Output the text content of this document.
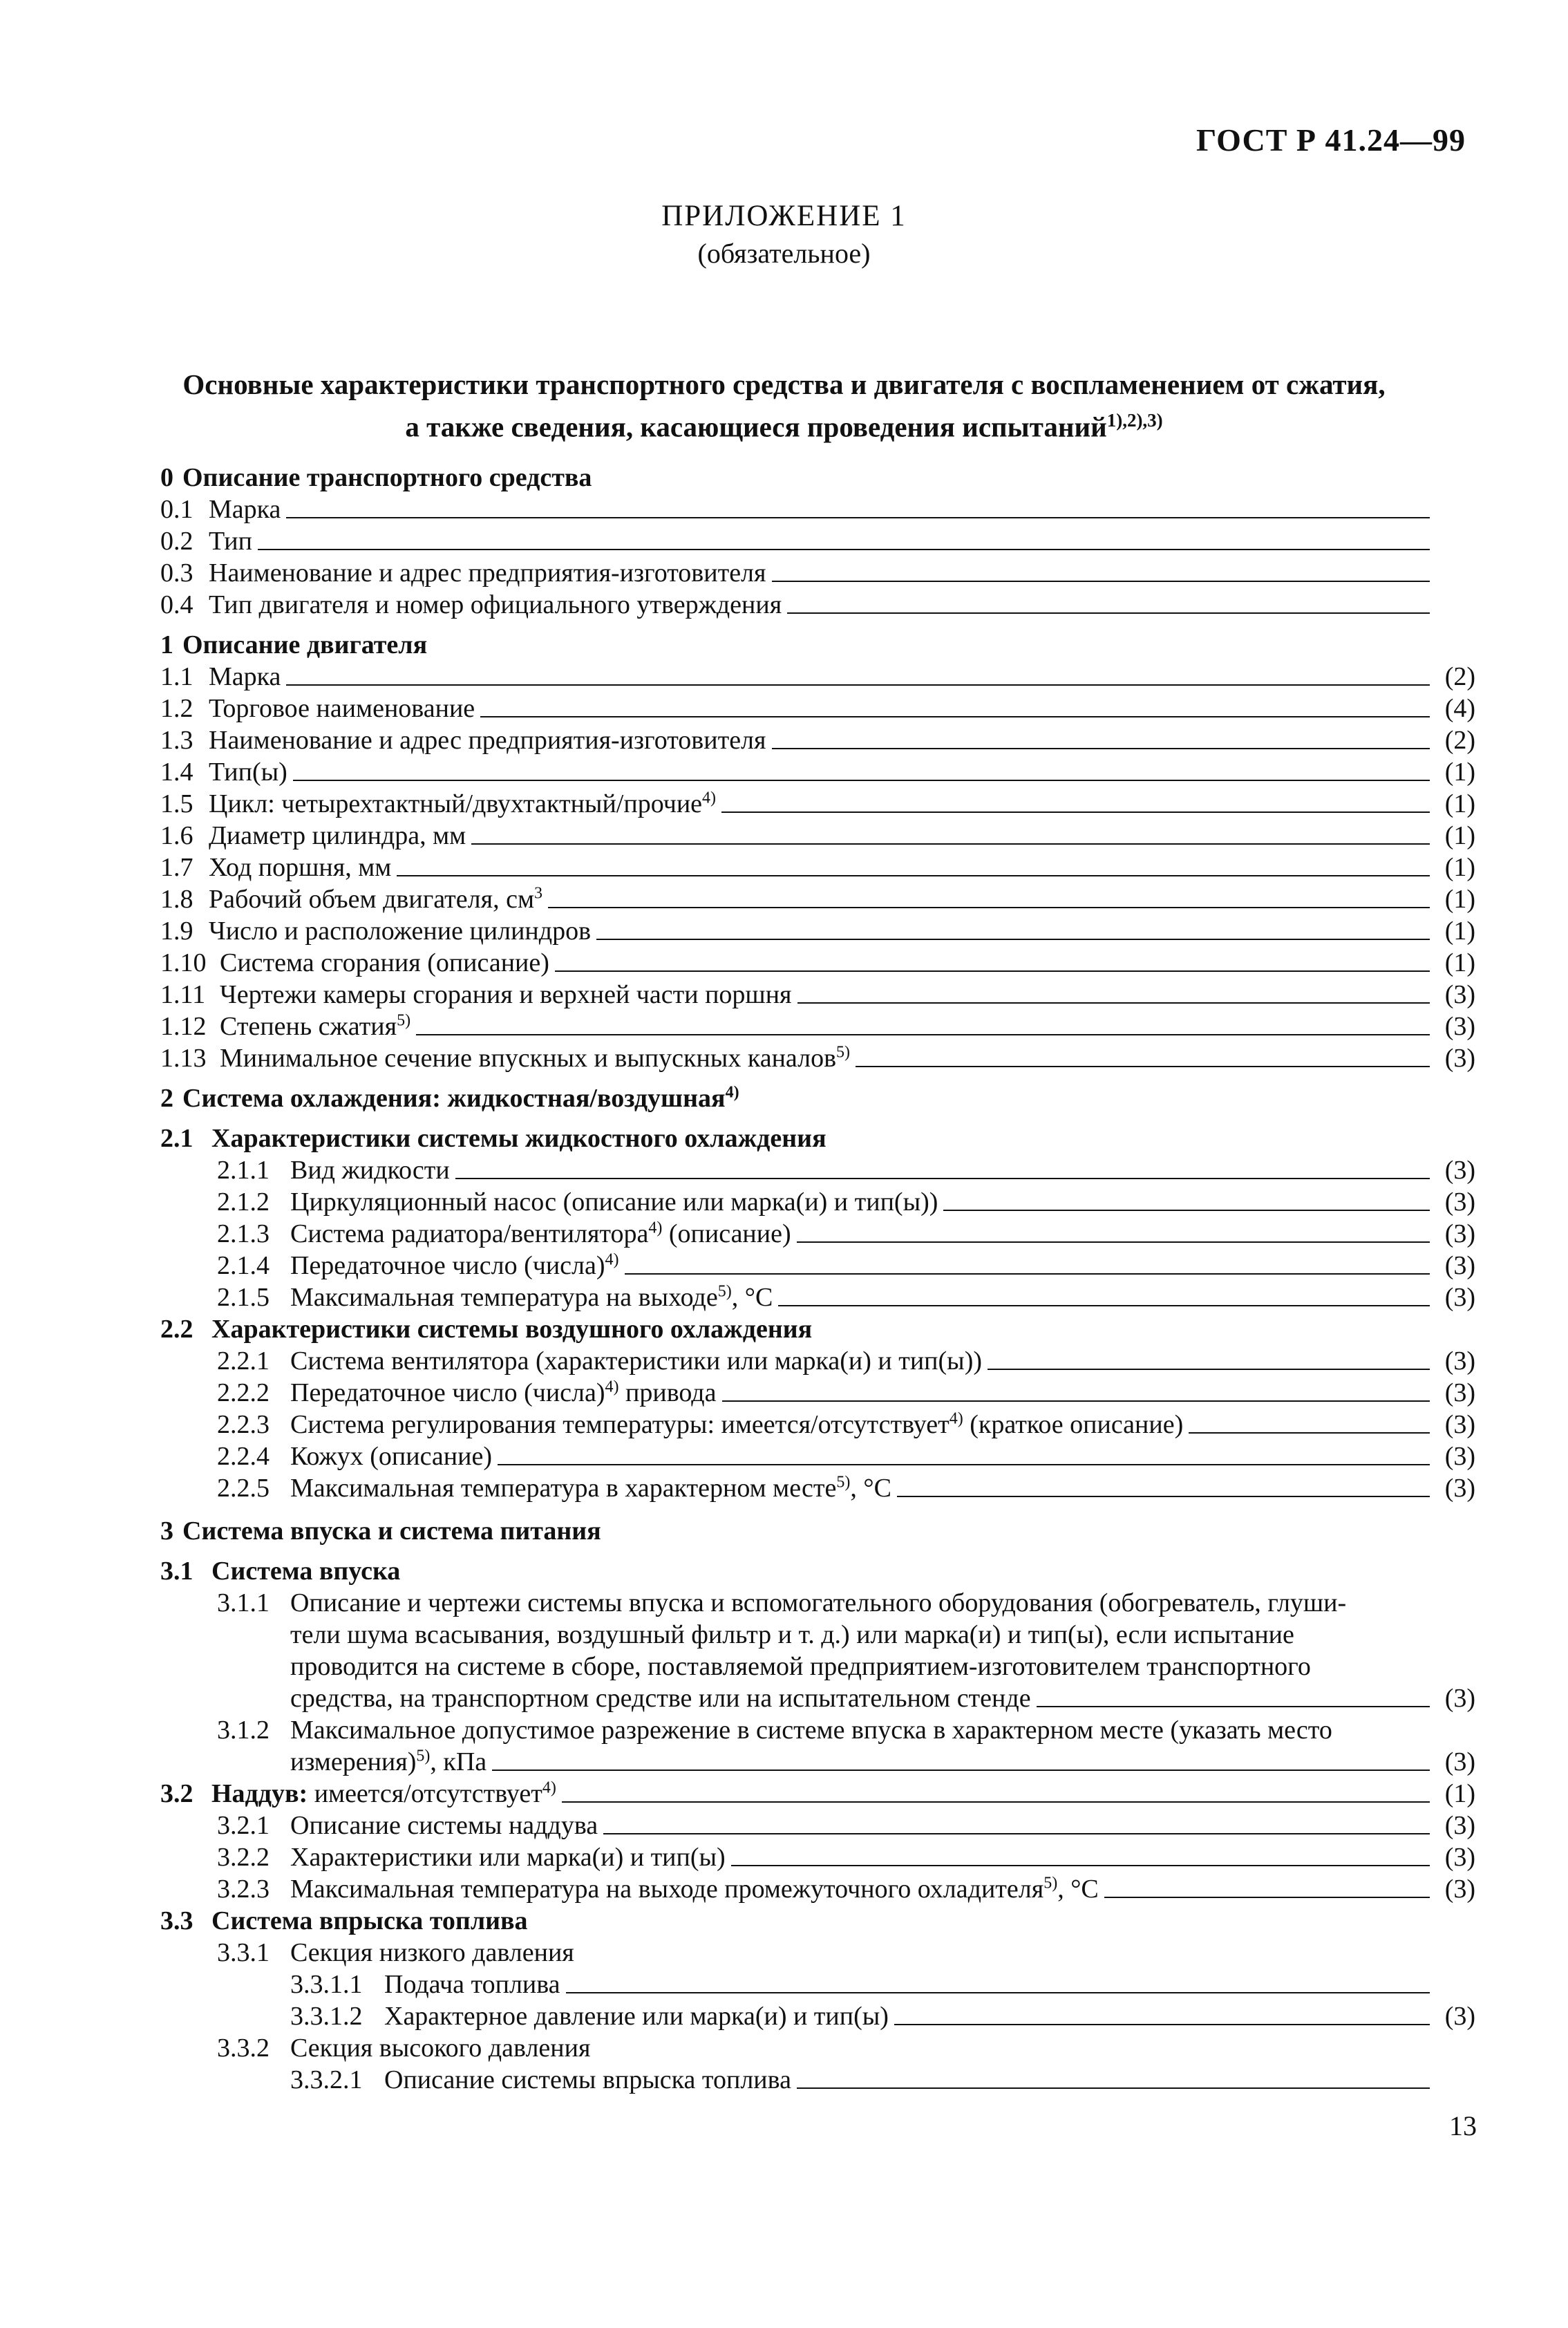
ГОСТ Р 41.24—99
ПРИЛОЖЕНИЕ 1
(обязательное)
Основные характеристики транспортного средства и двигателя с воспламенением от сжатия,
а также сведения, касающиеся проведения испытаний$^{1),2),3)}$
0 Описание транспортного средства
0.1 Марка
0.2 Тип
0.3 Наименование и адрес предприятия-изготовителя
0.4 Тип двигателя и номер официального утверждения
1 Описание двигателя
1.1 Марка	(2)
1.2 Торговое наименование	(4)
1.3 Наименование и адрес предприятия-изготовителя	(2)
1.4 Тип(ы)	(1)
1.5 Цикл: четырехтактный/двухтактный/прочие$^{4)}$	(1)
1.6 Диаметр цилиндра, мм	(1)
1.7 Ход поршня, мм	(1)
1.8 Рабочий объем двигателя, $см^3$	(1)
1.9 Число и расположение цилиндров	(1)
1.10 Система сгорания (описание)	(1)
1.11 Чертежи камеры сгорания и верхней части поршня	(3)
1.12 Степень сжатия$^{5)}$	(3)
1.13 Минимальное сечение впускных и выпускных каналов$^{5)}$	(3)
2 Система охлаждения: жидкостная/воздушная$^{4)}$
2.1 Характеристики системы жидкостного охлаждения
2.1.1 Вид жидкости	(3)
2.1.2 Циркуляционный насос (описание или марка(и) и тип(ы))	(3)
2.1.3 Система радиатора/вентилятора$^{4)}$ (описание)	(3)
2.1.4 Передаточное число (числа)$^{4)}$	(3)
2.1.5 Максимальная температура на выходе$^{5)}$, °С	(3)
2.2 Характеристики системы воздушного охлаждения
2.2.1 Система вентилятора (характеристики или марка(и) и тип(ы))	(3)
2.2.2 Передаточное число (числа)$^{4)}$ привода	(3)
2.2.3 Система регулирования температуры: имеется/отсутствует$^{4)}$ (краткое описание)	(3)
2.2.4 Кожух (описание)	(3)
2.2.5 Максимальная температура в характерном месте$^{5)}$, °С	(3)
3 Система впуска и система питания
3.1 Система впуска
3.1.1 Описание и чертежи системы впуска и вспомогательного оборудования (обогреватель, глуши-
тели шума всасывания, воздушный фильтр и т. д.) или марка(и) и тип(ы), если испытание
проводится на системе в сборе, поставляемой предприятием-изготовителем транспортного
средства, на транспортном средстве или на испытательном стенде	(3)
3.1.2 Максимальное допустимое разрежение в системе впуска в характерном месте (указать место
измерения)$^{5)}$, кПа	(3)
3.2 Наддув: имеется/отсутствует$^{4)}$	(1)
3.2.1 Описание системы наддува	(3)
3.2.2 Характеристики или марка(и) и тип(ы)	(3)
3.2.3 Максимальная температура на выходе промежуточного охладителя$^{5)}$, °С	(3)
3.3 Система впрыска топлива
3.3.1 Секция низкого давления
3.3.1.1 Подача топлива
3.3.1.2 Характерное давление или марка(и) и тип(ы)	(3)
3.3.2 Секция высокого давления
3.3.2.1 Описание системы впрыска топлива
13
